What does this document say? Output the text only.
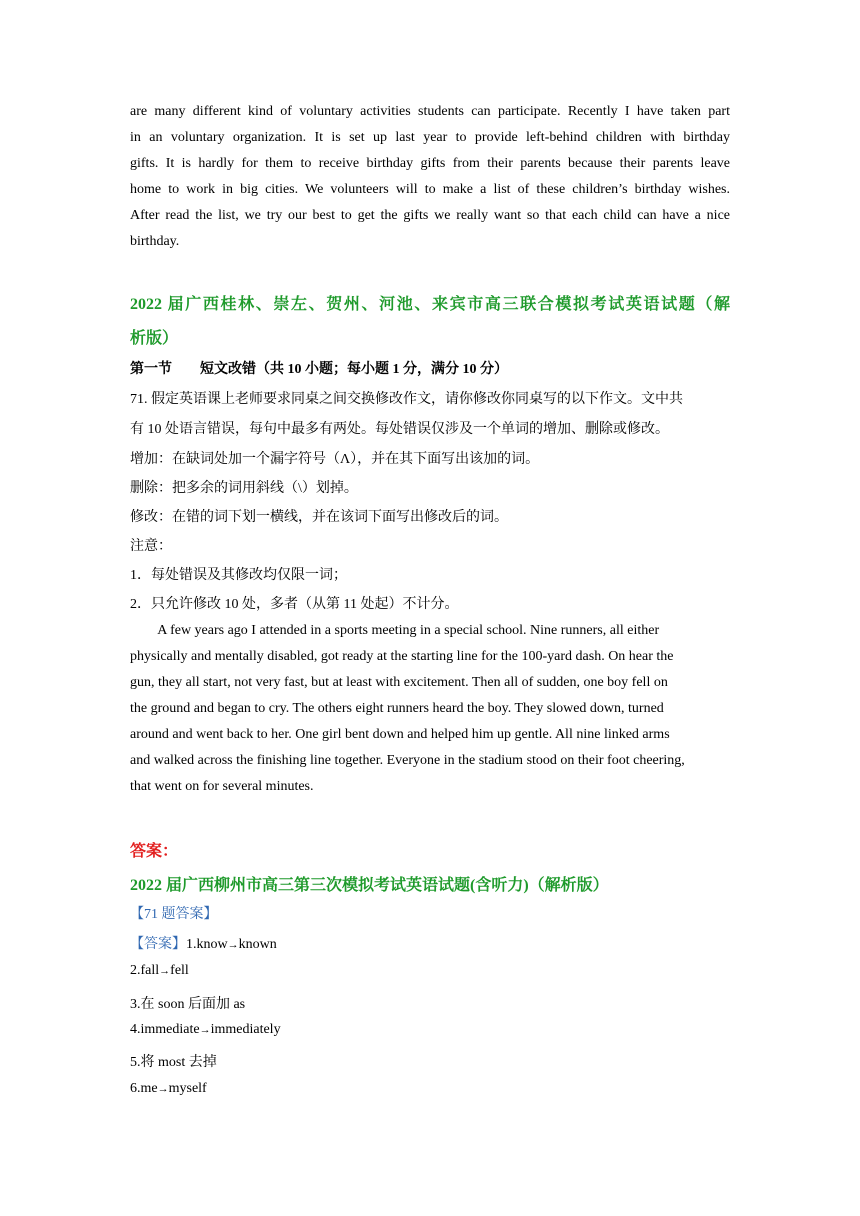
are many different kind of voluntary activities students can participate. Recently I have taken part

in an voluntary organization. It is set up last year to provide left-behind children with birthday

gifts. It is hardly for them to receive birthday gifts from their parents because their parents leave

home to work in big cities. We volunteers will to make a list of these children’s birthday wishes.

After read the list, we try our best to get the gifts we really want so that each child can have a nice

birthday.

2022 届广西桂林、崇左、贺州、河池、来宾市高三联合模拟考试英语试题（解

析版）

第一节　　短文改错（共 10 小题；每小题 1 分，满分 10 分）

71. 假定英语课上老师要求同桌之间交换修改作文，请你修改你同桌写的以下作文。文中共

有 10 处语言错误，每句中最多有两处。每处错误仅涉及一个单词的增加、删除或修改。

增加：在缺词处加一个漏字符号（Λ），并在其下面写出该加的词。

删除：把多余的词用斜线（\）划掉。

修改：在错的词下划一横线，并在该词下面写出修改后的词。

注意：

1．每处错误及其修改均仅限一词；

2．只允许修改 10 处，多者（从第 11 处起）不计分。

A few years ago I attended in a sports meeting in a special school. Nine runners, all either

physically and mentally disabled, got ready at the starting line for the 100-yard dash. On hear the

gun, they all start, not very fast, but at least with excitement. Then all of sudden, one boy fell on

the ground and began to cry. The others eight runners heard the boy. They slowed down, turned

around and went back to her. One girl bent down and helped him up gentle. All nine linked arms

and walked across the finishing line together. Everyone in the stadium stood on their foot cheering,

that went on for several minutes.

答案：

2022 届广西柳州市高三第三次模拟考试英语试题(含听力)（解析版）

【71 题答案】

【答案】1.know→known

2.fall→fell

3.在 soon 后面加 as

4.immediate→immediately

5.将 most 去掉

6.me→myself
